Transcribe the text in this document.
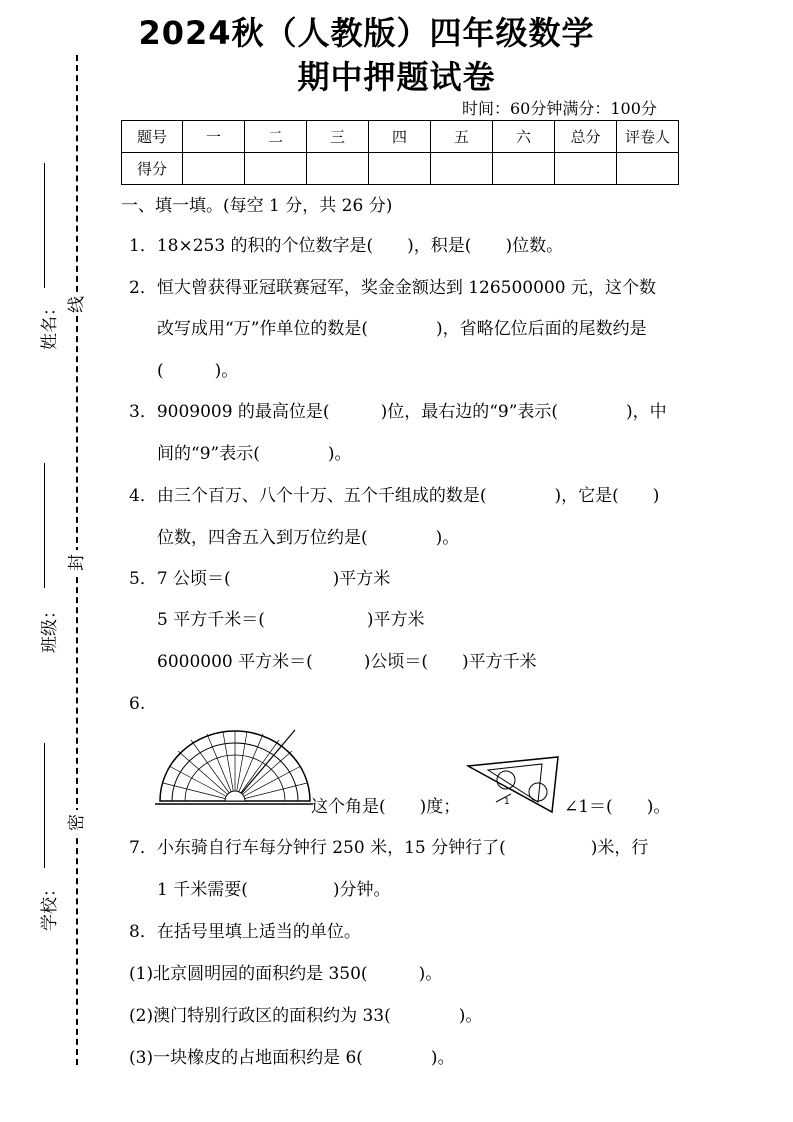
2024秋（人教版）四年级数学
期中押题试卷
时间：60分钟满分：100分
题号	一	二	三	四	五	六	总分	评卷人
得分								
线
封
密
姓名：
班级：
学校：
一、填一填。(每空 1 分，共 26 分)
1．18×253 的积的个位数字是(　　)，积是(　　)位数。
2．恒大曾获得亚冠联赛冠军，奖金金额达到 126500000 元，这个数
改写成用“万”作单位的数是(　　　　)，省略亿位后面的尾数约是
(　　　)。
3．9009009 的最高位是(　　　)位，最右边的“9”表示(　　　　)，中
间的“9”表示(　　　　)。
4．由三个百万、八个十万、五个千组成的数是(　　　　)，它是(　　)
位数，四舍五入到万位约是(　　　　)。
5．7 公顷＝(　　　　　　)平方米
5 平方千米＝(　　　　　　)平方米
6000000 平方米＝(　　　)公顷＝(　　)平方千米
6.
这个角是(　　)度；	1	∠1＝(　　)。
7．小东骑自行车每分钟行 250 米，15 分钟行了(　　　　　)米，行
1 千米需要(　　　　　)分钟。
8．在括号里填上适当的单位。
(1)北京圆明园的面积约是 350(　　　)。
(2)澳门特别行政区的面积约为 33(　　　　)。
(3)一块橡皮的占地面积约是 6(　　　　)。
